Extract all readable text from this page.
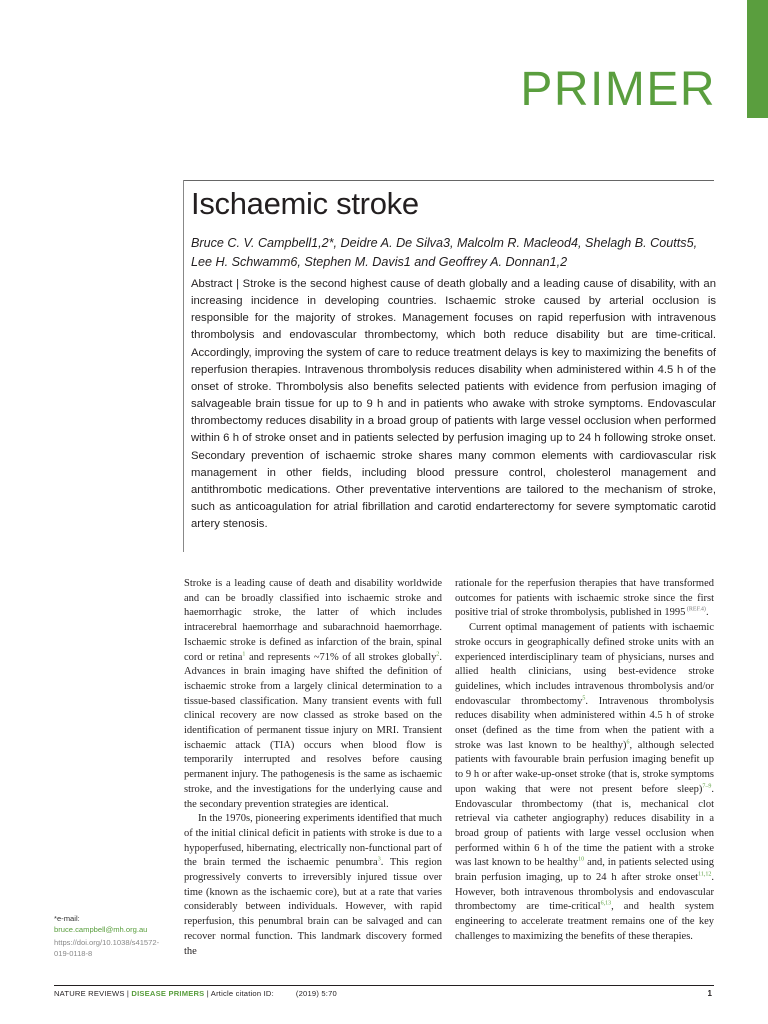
PRIMER
Ischaemic stroke
Bruce C. V. Campbell1,2*, Deidre A. De Silva3, Malcolm R. Macleod4, Shelagh B. Coutts5,
Lee H. Schwamm6, Stephen M. Davis1 and Geoffrey A. Donnan1,2
Abstract | Stroke is the second highest cause of death globally and a leading cause of disability, with an increasing incidence in developing countries. Ischaemic stroke caused by arterial occlusion is responsible for the majority of strokes. Management focuses on rapid reperfusion with intravenous thrombolysis and endovascular thrombectomy, which both reduce disability but are time-critical. Accordingly, improving the system of care to reduce treatment delays is key to maximizing the benefits of reperfusion therapies. Intravenous thrombolysis reduces disability when administered within 4.5 h of the onset of stroke. Thrombolysis also benefits selected patients with evidence from perfusion imaging of salvageable brain tissue for up to 9 h and in patients who awake with stroke symptoms. Endovascular thrombectomy reduces disability in a broad group of patients with large vessel occlusion when performed within 6 h of stroke onset and in patients selected by perfusion imaging up to 24 h following stroke onset. Secondary prevention of ischaemic stroke shares many common elements with cardiovascular risk management in other fields, including blood pressure control, cholesterol management and antithrombotic medications. Other preventative interventions are tailored to the mechanism of stroke, such as anticoagulation for atrial fibrillation and carotid endarterectomy for severe symptomatic carotid artery stenosis.

Stroke is a leading cause of death and disability worldwide and can be broadly classified into ischaemic stroke and haemorrhagic stroke, the latter of which includes intracerebral haemorrhage and subarachnoid haemorrhage. Ischaemic stroke is defined as infarction of the brain, spinal cord or retina$^1$ and represents ~71% of all strokes globally$^2$. Advances in brain imaging have shifted the definition of ischaemic stroke from a largely clinical determination to a tissue-based classification. Many transient events with full clinical recovery are now classed as stroke based on the identification of permanent tissue injury on MRI. Transient ischaemic attack (TIA) occurs when blood flow is temporarily interrupted and resolves before causing permanent injury. The pathogenesis is the same as ischaemic stroke, and the investigations for the underlying cause and the secondary prevention strategies are identical.

In the 1970s, pioneering experiments identified that much of the initial clinical deficit in patients with stroke is due to a hypoperfused, hibernating, electrically non-functional part of the brain termed the ischaemic penumbra$^3$. This region progressively converts to irreversibly injured tissue over time (known as the ischaemic core), but at a rate that varies considerably between individuals. However, with rapid reperfusion, this penumbral brain can be salvaged and can recover normal function. This landmark discovery formed the

rationale for the reperfusion therapies that have transformed outcomes for patients with ischaemic stroke since the first positive trial of stroke thrombolysis, published in 1995 $^{(REF.4)}$.

Current optimal management of patients with ischaemic stroke occurs in geographically defined stroke units with an experienced interdisciplinary team of physicians, nurses and allied health clinicians, using best-evidence stroke guidelines, which includes intravenous thrombolysis and/or endovascular thrombectomy$^5$. Intravenous thrombolysis reduces disability when administered within 4.5 h of stroke onset (defined as the time from when the patient with a stroke was last known to be healthy)$^6$, although selected patients with favourable brain perfusion imaging benefit up to 9 h or after wake-up-onset stroke (that is, stroke symptoms upon waking that were not present before sleep)$^{7-9}$. Endovascular thrombectomy (that is, mechanical clot retrieval via catheter angiography) reduces disability in a broad group of patients with large vessel occlusion when performed within 6 h of the time the patient with a stroke was last known to be healthy$^{10}$ and, in patients selected using brain perfusion imaging, up to 24 h after stroke onset$^{11,12}$. However, both intravenous thrombolysis and endovascular thrombectomy are time-critical$^{6,13}$, and health system engineering to accelerate treatment remains one of the key challenges to maximizing the benefits of these therapies.

*e-mail: bruce.campbell@mh.org.au
https://doi.org/10.1038/s41572-019-0118-8
NATURE REVIEWS | DISEASE PRIMERS | Article citation ID:	(2019) 5:70	1
